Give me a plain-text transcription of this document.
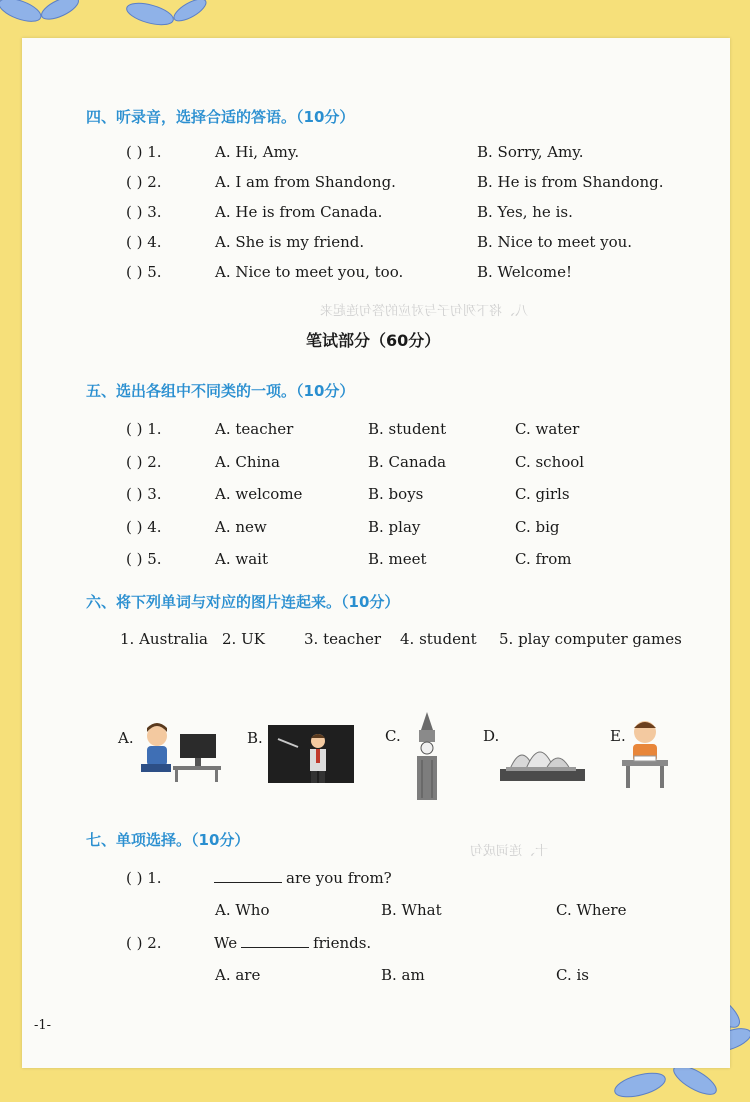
八、将下列句子与对应的答句连起来
十、连词成句
四、听录音，选择合适的答语。（10分）
( ) 1.	A. Hi, Amy.	B. Sorry, Amy.
( ) 2.	A. I am from Shandong.	B. He is from Shandong.
( ) 3.	A. He is from Canada.	B. Yes, he is.
( ) 4.	A. She is my friend.	B. Nice to meet you.
( ) 5.	A. Nice to meet you, too.	B. Welcome!
笔试部分（60分）
五、选出各组中不同类的一项。（10分）
( ) 1.	A. teacher	B. student	C. water
( ) 2.	A. China	B. Canada	C. school
( ) 3.	A. welcome	B. boys	C. girls
( ) 4.	A. new	B. play	C. big
( ) 5.	A. wait	B. meet	C. from
六、将下列单词与对应的图片连起来。（10分）
1. Australia 2. UK	3. teacher 4. student 5. play computer games
A.	B.	C.	D.	E.
七、单项选择。（10分）
( ) 1.	are you from?
A. Who	B. What	C. Where
( ) 2.	We	friends.
A. are	B. am	C. is
-1-
